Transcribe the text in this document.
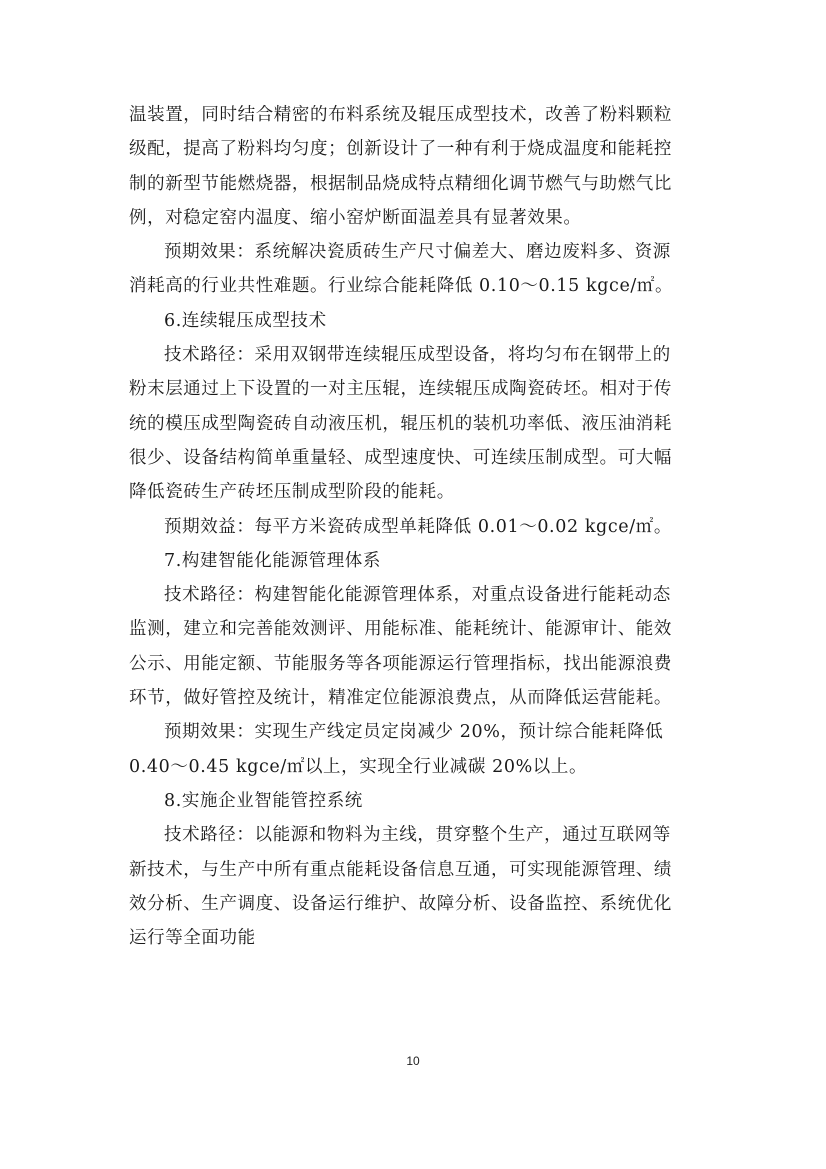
温装置，同时结合精密的布料系统及辊压成型技术，改善了粉料颗粒
级配，提高了粉料均匀度；创新设计了一种有利于烧成温度和能耗控
制的新型节能燃烧器，根据制品烧成特点精细化调节燃气与助燃气比
例，对稳定窑内温度、缩小窑炉断面温差具有显著效果。

预期效果：系统解决瓷质砖生产尺寸偏差大、磨边废料多、资源
消耗高的行业共性难题。行业综合能耗降低 0.10～0.15 kgce/㎡。

6.连续辊压成型技术

技术路径：采用双钢带连续辊压成型设备，将均匀布在钢带上的
粉末层通过上下设置的一对主压辊，连续辊压成陶瓷砖坯。相对于传
统的模压成型陶瓷砖自动液压机，辊压机的装机功率低、液压油消耗
很少、设备结构简单重量轻、成型速度快、可连续压制成型。可大幅
降低瓷砖生产砖坯压制成型阶段的能耗。

预期效益：每平方米瓷砖成型单耗降低 0.01～0.02 kgce/㎡。

7.构建智能化能源管理体系

技术路径：构建智能化能源管理体系，对重点设备进行能耗动态
监测，建立和完善能效测评、用能标准、能耗统计、能源审计、能效
公示、用能定额、节能服务等各项能源运行管理指标，找出能源浪费
环节，做好管控及统计，精准定位能源浪费点，从而降低运营能耗。

预期效果：实现生产线定员定岗减少 20%，预计综合能耗降低
0.40～0.45 kgce/㎡以上，实现全行业减碳 20%以上。

8.实施企业智能管控系统

技术路径：以能源和物料为主线，贯穿整个生产，通过互联网等
新技术，与生产中所有重点能耗设备信息互通，可实现能源管理、绩
效分析、生产调度、设备运行维护、故障分析、设备监控、系统优化
运行等全面功能

10
